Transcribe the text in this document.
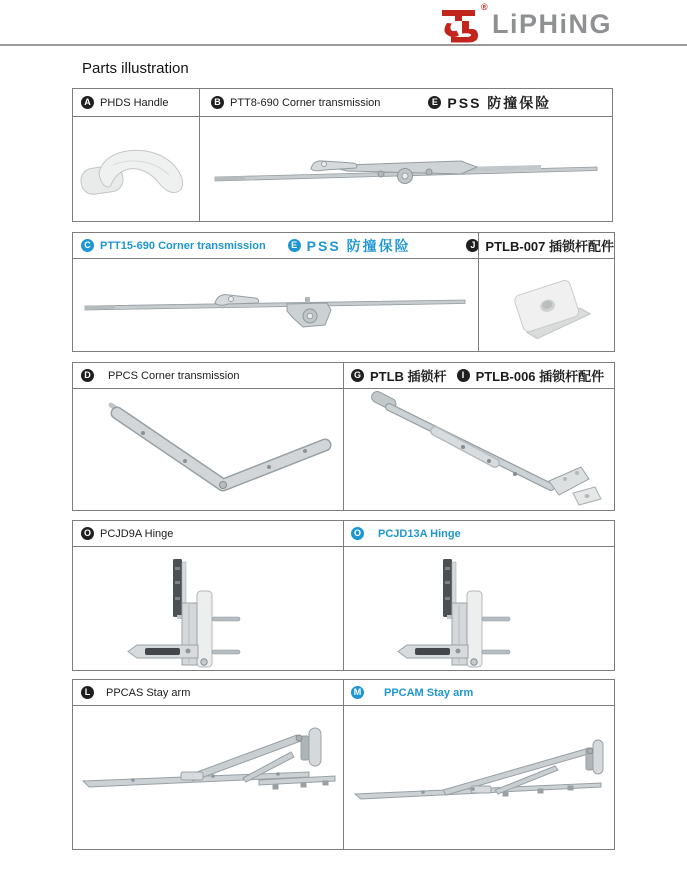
®
LiPHiNG
Parts illustration
A PHDS Handle	B PTT8-690 Corner transmission	E PSS 防撞保险
C PTT15-690 Corner transmission	E PSS 防撞保险	J PTLB-007 插锁杆配件
D PPCS Corner transmission	G PTLB 插锁杆	I PTLB-006 插锁杆配件
O PCJD9A Hinge	O PCJD13A Hinge
L	PPCAS Stay arm	M PPCAM Stay arm
